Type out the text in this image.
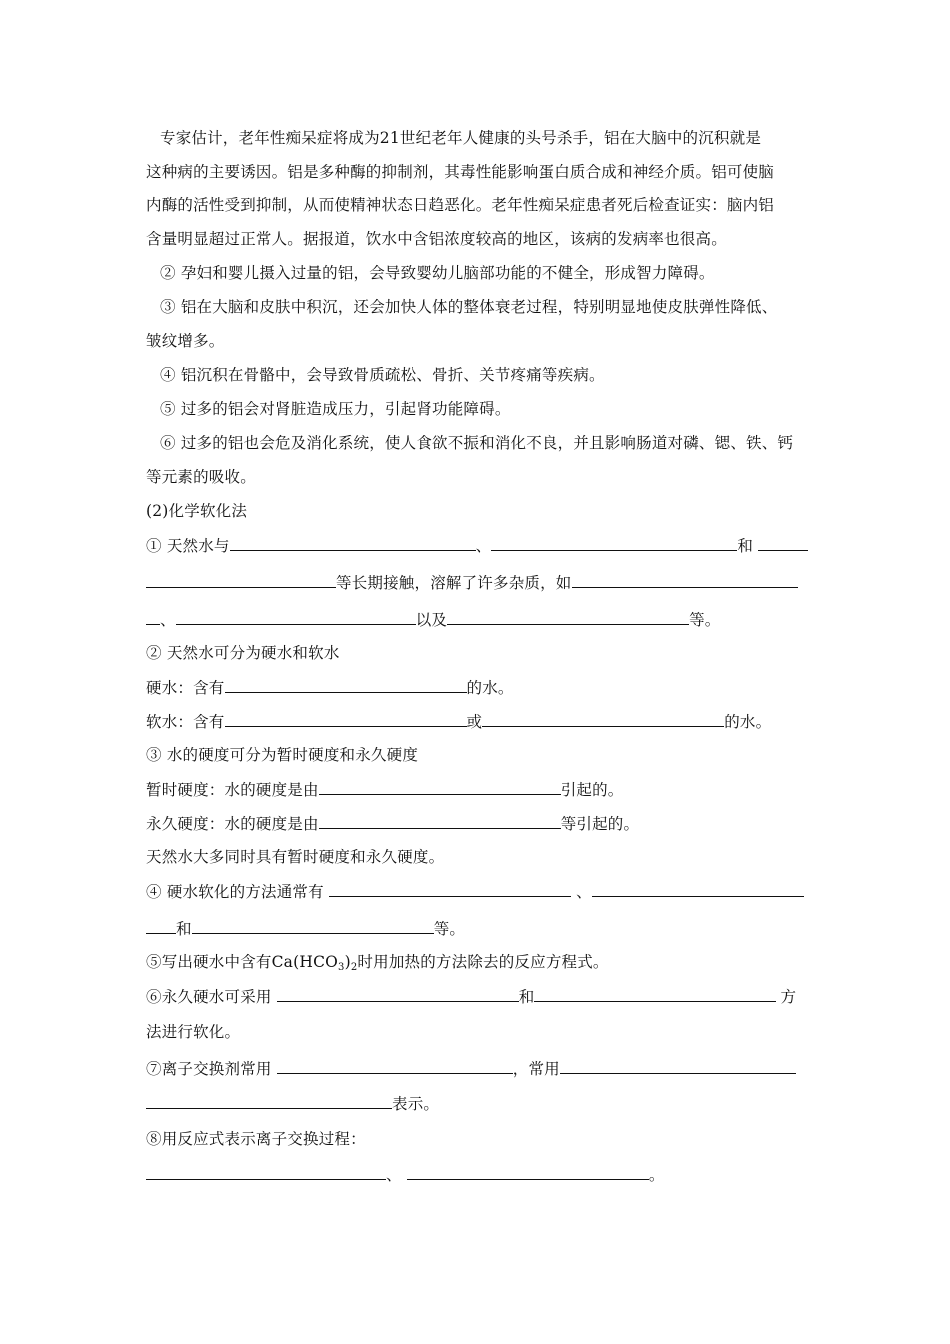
专家估计，老年性痴呆症将成为21世纪老年人健康的头号杀手，铝在大脑中的沉积就是
这种病的主要诱因。铝是多种酶的抑制剂，其毒性能影响蛋白质合成和神经介质。铝可使脑
内酶的活性受到抑制，从而使精神状态日趋恶化。老年性痴呆症患者死后检查证实：脑内铝
含量明显超过正常人。据报道，饮水中含铝浓度较高的地区，该病的发病率也很高。
② 孕妇和婴儿摄入过量的铝，会导致婴幼儿脑部功能的不健全，形成智力障碍。
③ 铝在大脑和皮肤中积沉，还会加快人体的整体衰老过程，特别明显地使皮肤弹性降低、
皱纹增多。
④ 铝沉积在骨骼中，会导致骨质疏松、骨折、关节疼痛等疾病。
⑤ 过多的铝会对肾脏造成压力，引起肾功能障碍。
⑥ 过多的铝也会危及消化系统，使人食欲不振和消化不良，并且影响肠道对磷、锶、铁、钙
等元素的吸收。
(2)化学软化法
① 天然水与	、	和
等长期接触，溶解了许多杂质，如
、	以及	等。
② 天然水可分为硬水和软水
硬水：含有	的水。
软水：含有	或	的水。
③ 水的硬度可分为暂时硬度和永久硬度
暂时硬度：水的硬度是由	引起的。
永久硬度：水的硬度是由	等引起的。
天然水大多同时具有暂时硬度和永久硬度。
④ 硬水软化的方法通常有	、
和	等。
⑤写出硬水中含有$Ca(HCO_3)_2$时用加热的方法除去的反应方程式。
⑥永久硬水可采用	和	方
法进行软化。
⑦离子交换剂常用	，常用
表示。
⑧用反应式表示离子交换过程：
、	。
